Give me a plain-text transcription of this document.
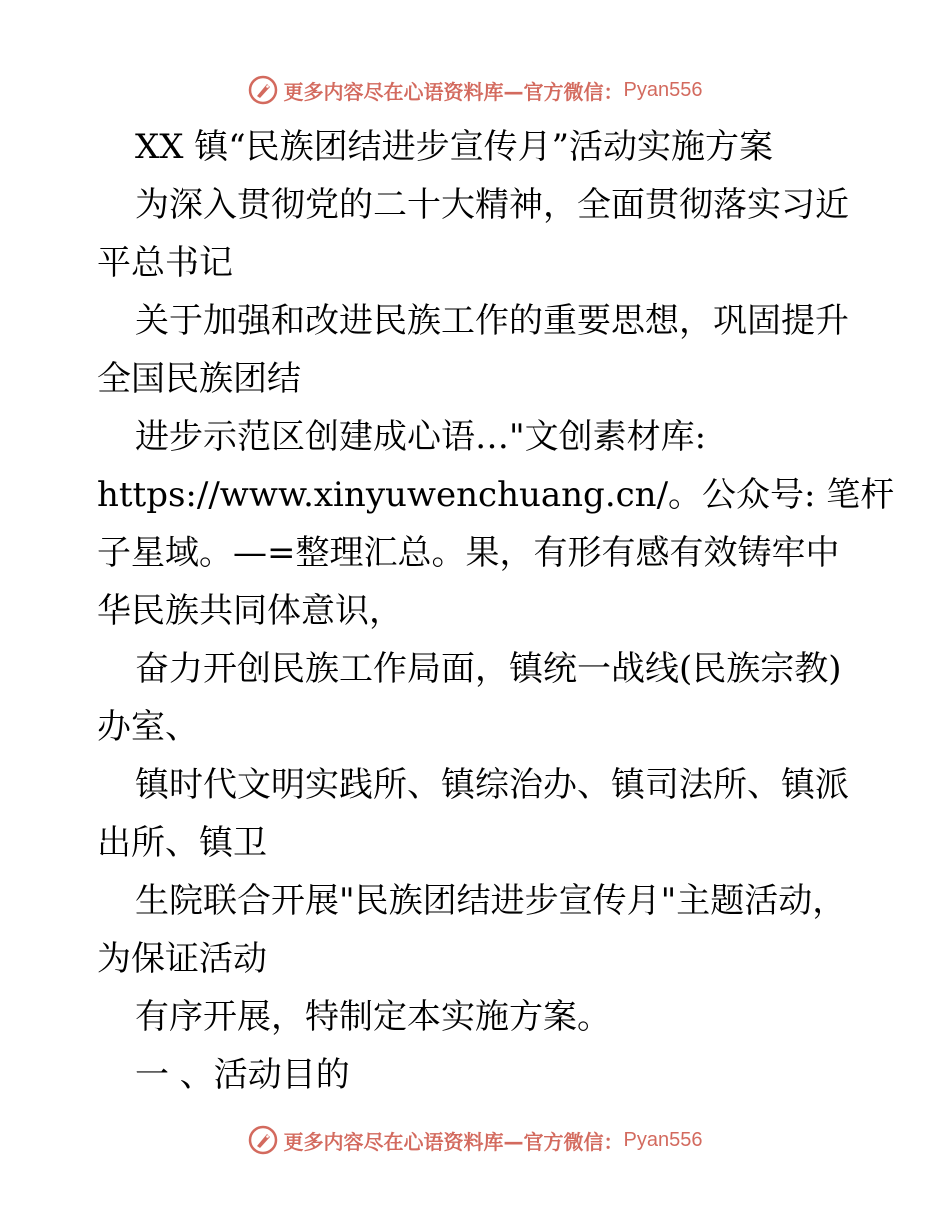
更多内容尽在心语资料库—官方微信： Pyan556
XX 镇“民族团结进步宣传月”活动实施方案
为深入贯彻党的二十大精神，全面贯彻落实习近
平总书记
关于加强和改进民族工作的重要思想，巩固提升
全国民族团结
进步示范区创建成心语…"文创素材库:
https://www.xinyuwenchuang.cn/。公众号: 笔杆
子星域。—=整理汇总。果，有形有感有效铸牢中
华民族共同体意识，
奋力开创民族工作局面，镇统一战线(民族宗教)
办室、
镇时代文明实践所、镇综治办、镇司法所、镇派
出所、镇卫
生院联合开展"民族团结进步宣传月"主题活动，
为保证活动
有序开展，特制定本实施方案。
一 、活动目的
更多内容尽在心语资料库—官方微信： Pyan556
